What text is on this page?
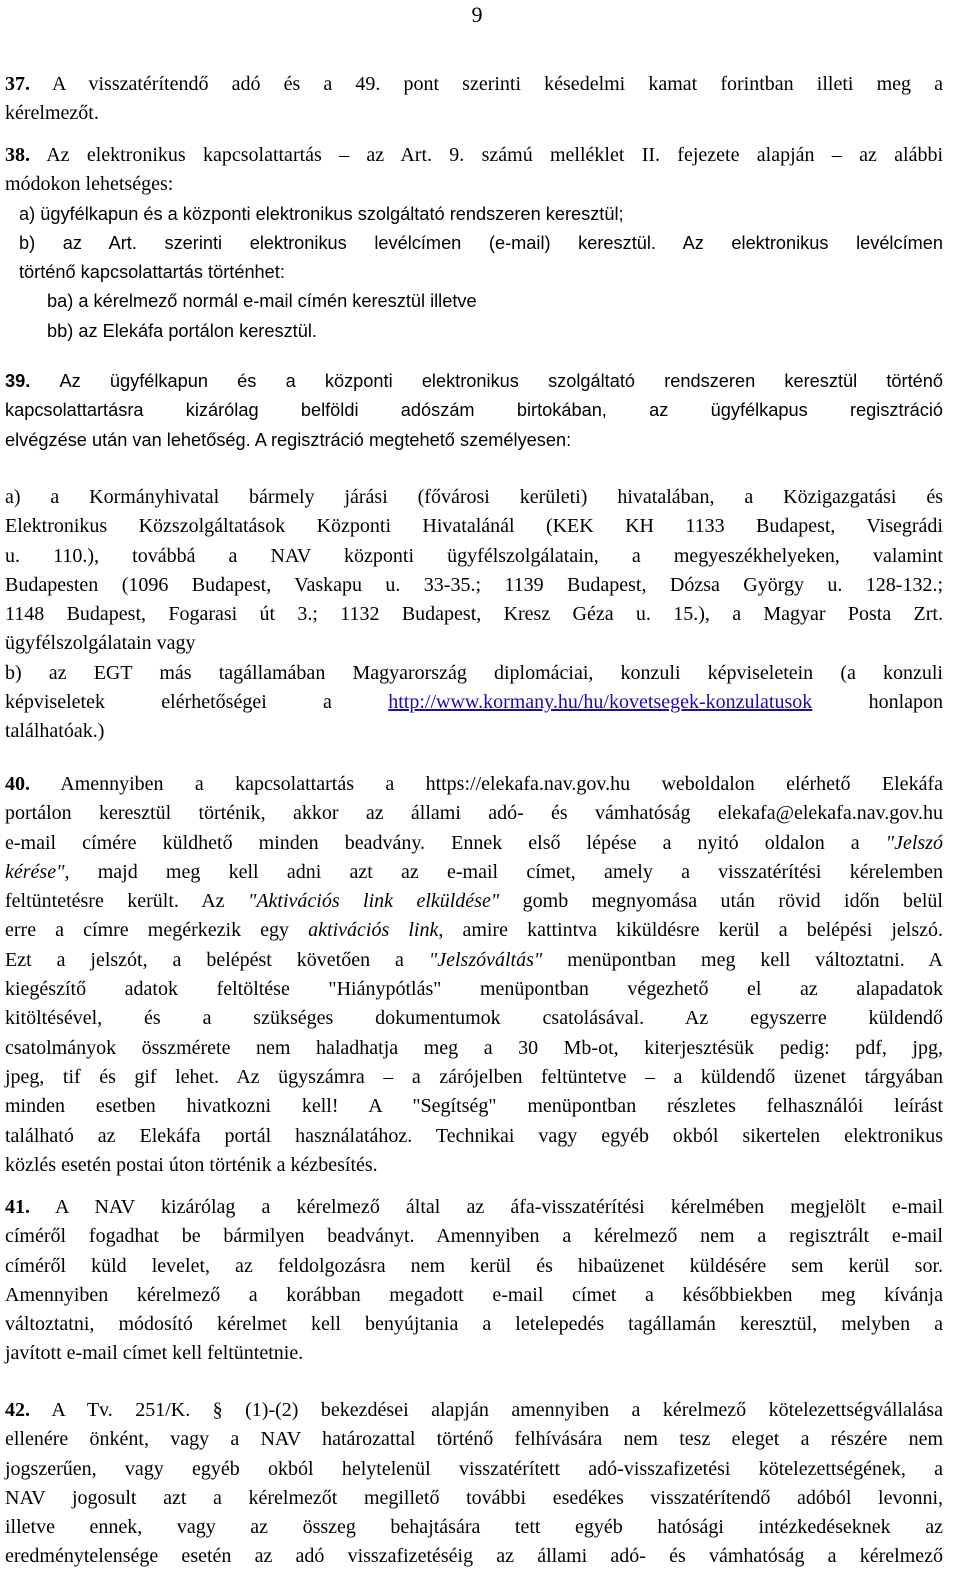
9
37. A visszatérítendő adó és a 49. pont szerinti késedelmi kamat forintban illeti meg a
kérelmezőt.
38. Az elektronikus kapcsolattartás – az Art. 9. számú melléklet II. fejezete alapján – az alábbi
módokon lehetséges:
a) ügyfélkapun és a központi elektronikus szolgáltató rendszeren keresztül;
b) az Art. szerinti elektronikus levélcímen (e-mail) keresztül. Az elektronikus levélcímen
történő kapcsolattartás történhet:
ba) a kérelmező normál e-mail címén keresztül illetve
bb) az Elekáfa portálon keresztül.
39. Az ügyfélkapun és a központi elektronikus szolgáltató rendszeren keresztül történő
kapcsolattartásra kizárólag belföldi adószám birtokában, az ügyfélkapus regisztráció
elvégzése után van lehetőség. A regisztráció megtehető személyesen:
a) a Kormányhivatal bármely járási (fővárosi kerületi) hivatalában, a Közigazgatási és
Elektronikus Közszolgáltatások Központi Hivatalánál (KEK KH 1133 Budapest, Visegrádi
u. 110.), továbbá a NAV központi ügyfélszolgálatain, a megyeszékhelyeken, valamint
Budapesten (1096 Budapest, Vaskapu u. 33-35.; 1139 Budapest, Dózsa György u. 128-132.;
1148 Budapest, Fogarasi út 3.; 1132 Budapest, Kresz Géza u. 15.), a Magyar Posta Zrt.
ügyfélszolgálatain vagy
b) az EGT más tagállamában Magyarország diplomáciai, konzuli képviseletein (a konzuli
képviseletek elérhetőségei a http://www.kormany.hu/hu/kovetsegek-konzulatusok honlapon
találhatóak.)
40. Amennyiben a kapcsolattartás a https://elekafa.nav.gov.hu weboldalon elérhető Elekáfa
portálon keresztül történik, akkor az állami adó- és vámhatóság elekafa@elekafa.nav.gov.hu
e-mail címére küldhető minden beadvány. Ennek első lépése a nyitó oldalon a "Jelszó
kérése", majd meg kell adni azt az e-mail címet, amely a visszatérítési kérelemben
feltüntetésre került. Az "Aktivációs link elküldése" gomb megnyomása után rövid időn belül
erre a címre megérkezik egy aktivációs link, amire kattintva kiküldésre kerül a belépési jelszó.
Ezt a jelszót, a belépést követően a "Jelszóváltás" menüpontban meg kell változtatni. A
kiegészítő adatok feltöltése "Hiánypótlás" menüpontban végezhető el az alapadatok
kitöltésével, és a szükséges dokumentumok csatolásával. Az egyszerre küldendő
csatolmányok összmérete nem haladhatja meg a 30 Mb-ot, kiterjesztésük pedig: pdf, jpg,
jpeg, tif és gif lehet. Az ügyszámra – a zárójelben feltüntetve – a küldendő üzenet tárgyában
minden esetben hivatkozni kell! A "Segítség" menüpontban részletes felhasználói leírást
található az Elekáfa portál használatához. Technikai vagy egyéb okból sikertelen elektronikus
közlés esetén postai úton történik a kézbesítés.
41. A NAV kizárólag a kérelmező által az áfa-visszatérítési kérelmében megjelölt e-mail
címéről fogadhat be bármilyen beadványt. Amennyiben a kérelmező nem a regisztrált e-mail
címéről küld levelet, az feldolgozásra nem kerül és hibaüzenet küldésére sem kerül sor.
Amennyiben kérelmező a korábban megadott e-mail címet a későbbiekben meg kívánja
változtatni, módosító kérelmet kell benyújtania a letelepedés tagállamán keresztül, melyben a
javított e-mail címet kell feltüntetnie.
42. A Tv. 251/K. § (1)-(2) bekezdései alapján amennyiben a kérelmező kötelezettségvállalása
ellenére önként, vagy a NAV határozattal történő felhívására nem tesz eleget a részére nem
jogszerűen, vagy egyéb okból helytelenül visszatérített adó-visszafizetési kötelezettségének, a
NAV jogosult azt a kérelmezőt megillető további esedékes visszatérítendő adóból levonni,
illetve ennek, vagy az összeg behajtására tett egyéb hatósági intézkedéseknek az
eredménytelensége esetén az adó visszafizetéséig az állami adó- és vámhatóság a kérelmező
